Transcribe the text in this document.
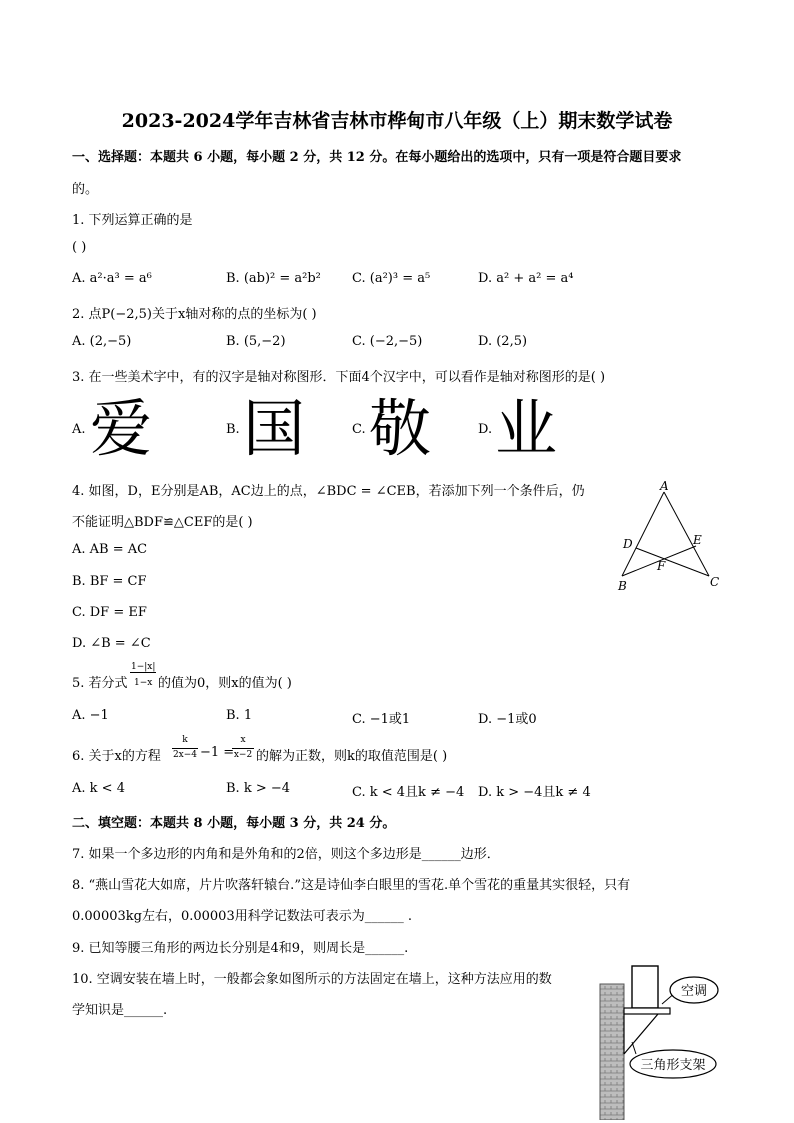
2023-2024学年吉林省吉林市桦甸市八年级（上）期末数学试卷
一、选择题：本题共 6 小题，每小题 2 分，共 12 分。在每小题给出的选项中，只有一项是符合题目要求
的。
1. 下列运算正确的是
( )
A. a²·a³ = a⁶	B. (ab)² = a²b² C. (a²)³ = a⁵	D. a² + a² = a⁴
2. 点P(−2,5)关于x轴对称的点的坐标为( )
A. (2,−5)	B. (5,−2)	C. (−2,−5)	D. (2,5)
3. 在一些美术字中，有的汉字是轴对称图形．下面4个汉字中，可以看作是轴对称图形的是( )
A. 爱	B. 国	C. 敬	D. 业
4. 如图，D，E分别是AB，AC边上的点，∠BDC = ∠CEB，若添加下列一个条件后，仍
不能证明△BDF≌△CEF的是( )
A. AB = AC
B. BF = CF
C. DF = EF
D. ∠B = ∠C
A
B	C
D	E
F
5. 若分式
1−|x|
1−x 的值为0，则x的值为( )
A. −1	B. 1	C. −1或1	D. −1或0
6. 关于x的方程
k
2x−4 −1 =
x
x−2 的解为正数，则k的取值范围是( )
A. k < 4	B. k > −4	C. k < 4且k ≠ −4 D. k > −4且k ≠ 4
二、填空题：本题共 8 小题，每小题 3 分，共 24 分。
7. 如果一个多边形的内角和是外角和的2倍，则这个多边形是______边形．
8. “燕山雪花大如席，片片吹落轩辕台.”这是诗仙李白眼里的雪花.单个雪花的重量其实很轻，只有
0.00003kg左右，0.00003用科学记数法可表示为______ .
9. 已知等腰三角形的两边长分别是4和9，则周长是______.
10. 空调安装在墙上时，一般都会象如图所示的方法固定在墙上，这种方法应用的数
学知识是______.
空调
三角形支架
